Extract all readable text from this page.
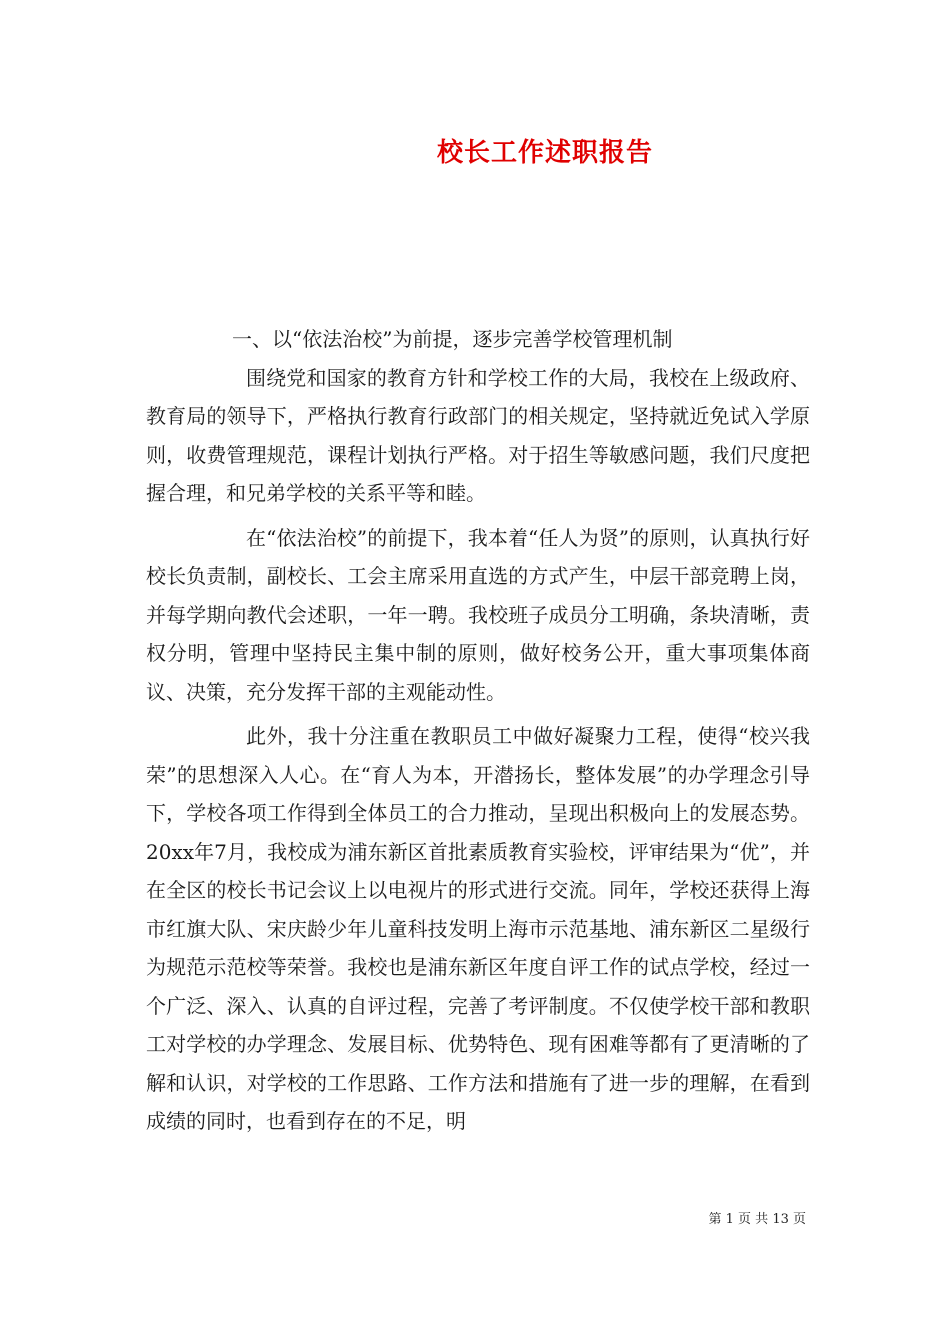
校长工作述职报告

一、以“依法治校”为前提，逐步完善学校管理机制

围绕党和国家的教育方针和学校工作的大局，我校在上级政府、教育局的领导下，严格执行教育行政部门的相关规定，坚持就近免试入学原则，收费管理规范，课程计划执行严格。对于招生等敏感问题，我们尺度把握合理，和兄弟学校的关系平等和睦。

在“依法治校”的前提下，我本着“任人为贤”的原则，认真执行好校长负责制，副校长、工会主席采用直选的方式产生，中层干部竞聘上岗，并每学期向教代会述职，一年一聘。我校班子成员分工明确，条块清晰，责权分明，管理中坚持民主集中制的原则，做好校务公开，重大事项集体商议、决策，充分发挥干部的主观能动性。

此外，我十分注重在教职员工中做好凝聚力工程，使得“校兴我荣”的思想深入人心。在“育人为本，开潜扬长，整体发展”的办学理念引导下，学校各项工作得到全体员工的合力推动，呈现出积极向上的发展态势。20xx年7月，我校成为浦东新区首批素质教育实验校，评审结果为“优”，并在全区的校长书记会议上以电视片的形式进行交流。同年，学校还获得上海市红旗大队、宋庆龄少年儿童科技发明上海市示范基地、浦东新区二星级行为规范示范校等荣誉。我校也是浦东新区年度自评工作的试点学校，经过一个广泛、深入、认真的自评过程，完善了考评制度。不仅使学校干部和教职工对学校的办学理念、发展目标、优势特色、现有困难等都有了更清晰的了解和认识，对学校的工作思路、工作方法和措施有了进一步的理解，在看到成绩的同时，也看到存在的不足，明

第 1 页 共 13 页
